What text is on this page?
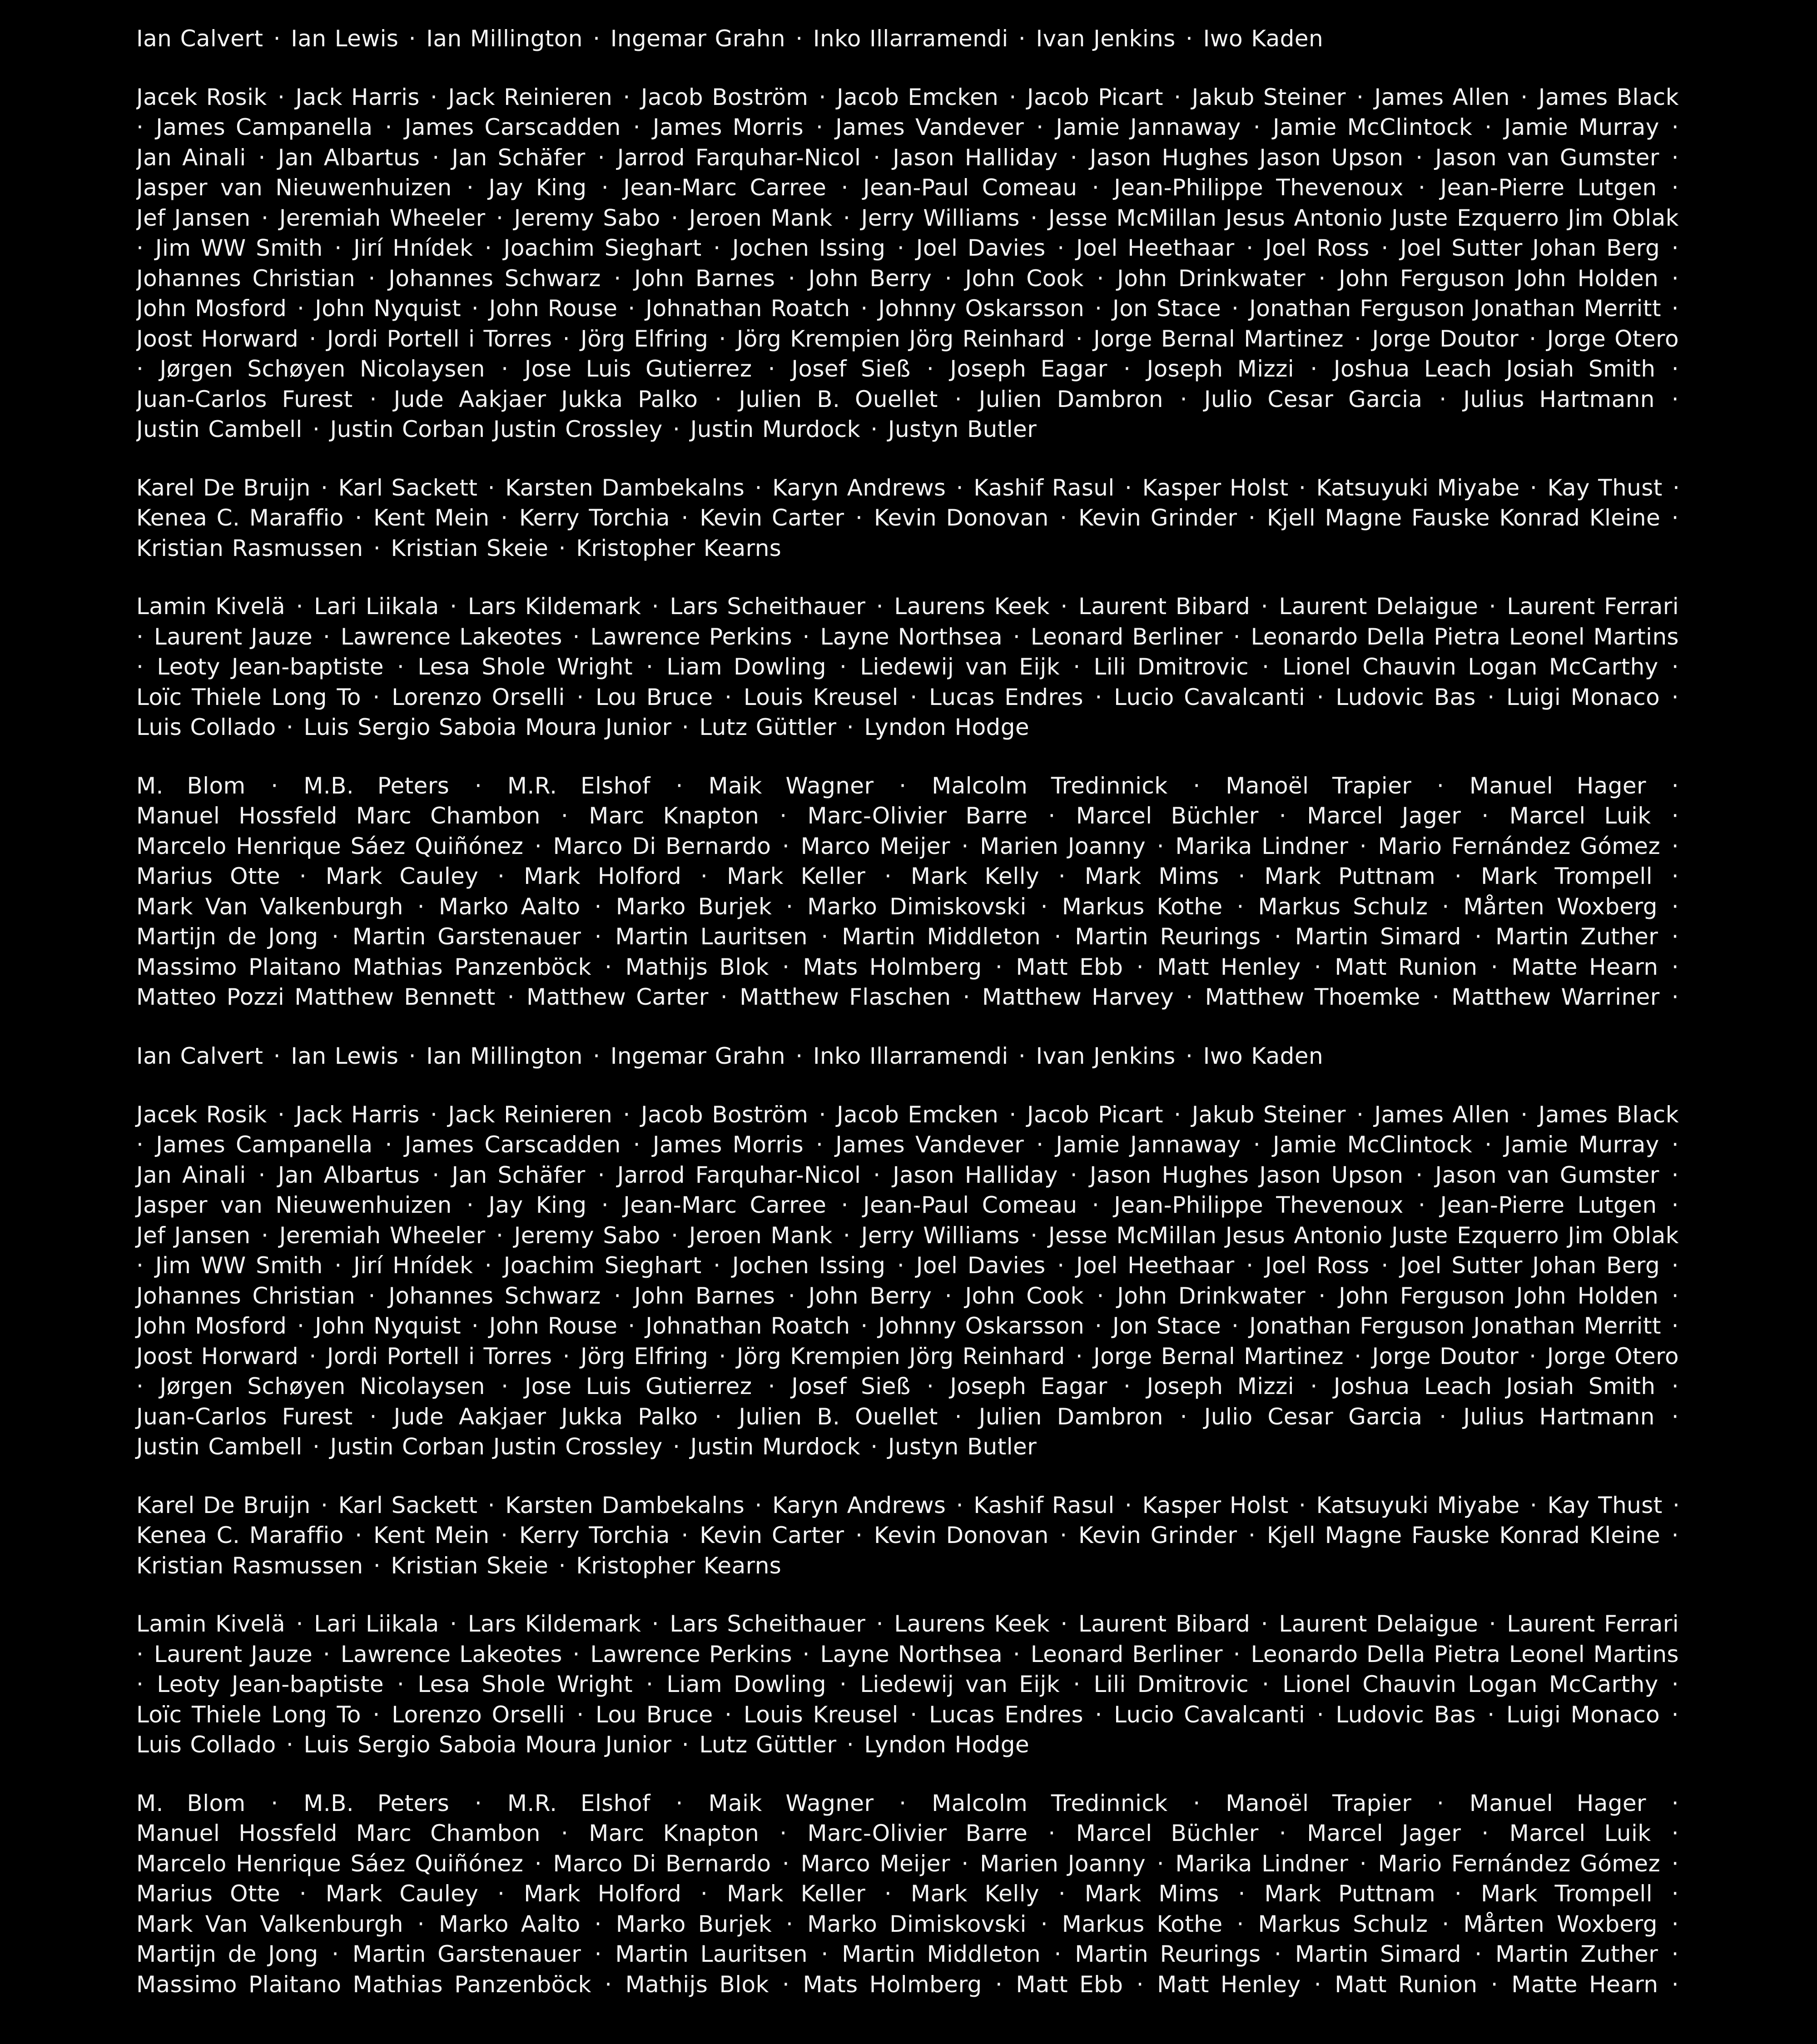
Ian Calvert · Ian Lewis · Ian Millington · Ingemar Grahn · Inko Illarramendi · Ivan Jenkins · Iwo Kaden
Jacek Rosik · Jack Harris · Jack Reinieren · Jacob Boström · Jacob Emcken · Jacob Picart · Jakub Steiner · James Allen · James Black · James Campanella · James Carscadden · James Morris · James Vandever · Jamie Jannaway · Jamie McClintock · Jamie Murray · Jan Ainali · Jan Albartus · Jan Schäfer · Jarrod Farquhar-Nicol · Jason Halliday · Jason Hughes Jason Upson · Jason van Gumster · Jasper van Nieuwenhuizen · Jay King · Jean-Marc Carree · Jean-Paul Comeau · Jean-Philippe Thevenoux · Jean-Pierre Lutgen · Jef Jansen · Jeremiah Wheeler · Jeremy Sabo · Jeroen Mank · Jerry Williams · Jesse McMillan Jesus Antonio Juste Ezquerro Jim Oblak · Jim WW Smith · Jirí Hnídek · Joachim Sieghart · Jochen Issing · Joel Davies · Joel Heethaar · Joel Ross · Joel Sutter Johan Berg · Johannes Christian · Johannes Schwarz · John Barnes · John Berry · John Cook · John Drinkwater · John Ferguson John Holden · John Mosford · John Nyquist · John Rouse · Johnathan Roatch · Johnny Oskarsson · Jon Stace · Jonathan Ferguson Jonathan Merritt · Joost Horward · Jordi Portell i Torres · Jörg Elfring · Jörg Krempien Jörg Reinhard · Jorge Bernal Martinez · Jorge Doutor · Jorge Otero · Jørgen Schøyen Nicolaysen · Jose Luis Gutierrez · Josef Sieß · Joseph Eagar · Joseph Mizzi · Joshua Leach Josiah Smith · Juan-Carlos Furest · Jude Aakjaer Jukka Palko · Julien B. Ouellet · Julien Dambron · Julio Cesar Garcia · Julius Hartmann · Justin Cambell · Justin Corban Justin Crossley · Justin Murdock · Justyn Butler
Karel De Bruijn · Karl Sackett · Karsten Dambekalns · Karyn Andrews · Kashif Rasul · Kasper Holst · Katsuyuki Miyabe · Kay Thust · Kenea C. Maraffio · Kent Mein · Kerry Torchia · Kevin Carter · Kevin Donovan · Kevin Grinder · Kjell Magne Fauske Konrad Kleine · Kristian Rasmussen · Kristian Skeie · Kristopher Kearns
Lamin Kivelä · Lari Liikala · Lars Kildemark · Lars Scheithauer · Laurens Keek · Laurent Bibard · Laurent Delaigue · Laurent Ferrari · Laurent Jauze · Lawrence Lakeotes · Lawrence Perkins · Layne Northsea · Leonard Berliner · Leonardo Della Pietra Leonel Martins · Leoty Jean-baptiste · Lesa Shole Wright · Liam Dowling · Liedewij van Eijk · Lili Dmitrovic · Lionel Chauvin Logan McCarthy · Loïc Thiele Long To · Lorenzo Orselli · Lou Bruce · Louis Kreusel · Lucas Endres · Lucio Cavalcanti · Ludovic Bas · Luigi Monaco · Luis Collado · Luis Sergio Saboia Moura Junior · Lutz Güttler · Lyndon Hodge
M. Blom · M.B. Peters · M.R. Elshof · Maik Wagner · Malcolm Tredinnick · Manoël Trapier · Manuel Hager · Manuel Hossfeld Marc Chambon · Marc Knapton · Marc-Olivier Barre · Marcel Büchler · Marcel Jager · Marcel Luik · Marcelo Henrique Sáez Quiñónez · Marco Di Bernardo · Marco Meijer · Marien Joanny · Marika Lindner · Mario Fernández Gómez · Marius Otte · Mark Cauley · Mark Holford · Mark Keller · Mark Kelly · Mark Mims · Mark Puttnam · Mark Trompell · Mark Van Valkenburgh · Marko Aalto · Marko Burjek · Marko Dimiskovski · Markus Kothe · Markus Schulz · Mårten Woxberg · Martijn de Jong · Martin Garstenauer · Martin Lauritsen · Martin Middleton · Martin Reurings · Martin Simard · Martin Zuther · Massimo Plaitano Mathias Panzenböck · Mathijs Blok · Mats Holmberg · Matt Ebb · Matt Henley · Matt Runion · Matte Hearn · Matteo Pozzi Matthew Bennett · Matthew Carter · Matthew Flaschen · Matthew Harvey · Matthew Thoemke · Matthew Warriner ·
Ian Calvert · Ian Lewis · Ian Millington · Ingemar Grahn · Inko Illarramendi · Ivan Jenkins · Iwo Kaden
Jacek Rosik · Jack Harris · Jack Reinieren · Jacob Boström · Jacob Emcken · Jacob Picart · Jakub Steiner · James Allen · James Black · James Campanella · James Carscadden · James Morris · James Vandever · Jamie Jannaway · Jamie McClintock · Jamie Murray · Jan Ainali · Jan Albartus · Jan Schäfer · Jarrod Farquhar-Nicol · Jason Halliday · Jason Hughes Jason Upson · Jason van Gumster · Jasper van Nieuwenhuizen · Jay King · Jean-Marc Carree · Jean-Paul Comeau · Jean-Philippe Thevenoux · Jean-Pierre Lutgen · Jef Jansen · Jeremiah Wheeler · Jeremy Sabo · Jeroen Mank · Jerry Williams · Jesse McMillan Jesus Antonio Juste Ezquerro Jim Oblak · Jim WW Smith · Jirí Hnídek · Joachim Sieghart · Jochen Issing · Joel Davies · Joel Heethaar · Joel Ross · Joel Sutter Johan Berg · Johannes Christian · Johannes Schwarz · John Barnes · John Berry · John Cook · John Drinkwater · John Ferguson John Holden · John Mosford · John Nyquist · John Rouse · Johnathan Roatch · Johnny Oskarsson · Jon Stace · Jonathan Ferguson Jonathan Merritt · Joost Horward · Jordi Portell i Torres · Jörg Elfring · Jörg Krempien Jörg Reinhard · Jorge Bernal Martinez · Jorge Doutor · Jorge Otero · Jørgen Schøyen Nicolaysen · Jose Luis Gutierrez · Josef Sieß · Joseph Eagar · Joseph Mizzi · Joshua Leach Josiah Smith · Juan-Carlos Furest · Jude Aakjaer Jukka Palko · Julien B. Ouellet · Julien Dambron · Julio Cesar Garcia · Julius Hartmann · Justin Cambell · Justin Corban Justin Crossley · Justin Murdock · Justyn Butler
Karel De Bruijn · Karl Sackett · Karsten Dambekalns · Karyn Andrews · Kashif Rasul · Kasper Holst · Katsuyuki Miyabe · Kay Thust · Kenea C. Maraffio · Kent Mein · Kerry Torchia · Kevin Carter · Kevin Donovan · Kevin Grinder · Kjell Magne Fauske Konrad Kleine · Kristian Rasmussen · Kristian Skeie · Kristopher Kearns
Lamin Kivelä · Lari Liikala · Lars Kildemark · Lars Scheithauer · Laurens Keek · Laurent Bibard · Laurent Delaigue · Laurent Ferrari · Laurent Jauze · Lawrence Lakeotes · Lawrence Perkins · Layne Northsea · Leonard Berliner · Leonardo Della Pietra Leonel Martins · Leoty Jean-baptiste · Lesa Shole Wright · Liam Dowling · Liedewij van Eijk · Lili Dmitrovic · Lionel Chauvin Logan McCarthy · Loïc Thiele Long To · Lorenzo Orselli · Lou Bruce · Louis Kreusel · Lucas Endres · Lucio Cavalcanti · Ludovic Bas · Luigi Monaco · Luis Collado · Luis Sergio Saboia Moura Junior · Lutz Güttler · Lyndon Hodge
M. Blom · M.B. Peters · M.R. Elshof · Maik Wagner · Malcolm Tredinnick · Manoël Trapier · Manuel Hager · Manuel Hossfeld Marc Chambon · Marc Knapton · Marc-Olivier Barre · Marcel Büchler · Marcel Jager · Marcel Luik · Marcelo Henrique Sáez Quiñónez · Marco Di Bernardo · Marco Meijer · Marien Joanny · Marika Lindner · Mario Fernández Gómez · Marius Otte · Mark Cauley · Mark Holford · Mark Keller · Mark Kelly · Mark Mims · Mark Puttnam · Mark Trompell · Mark Van Valkenburgh · Marko Aalto · Marko Burjek · Marko Dimiskovski · Markus Kothe · Markus Schulz · Mårten Woxberg · Martijn de Jong · Martin Garstenauer · Martin Lauritsen · Martin Middleton · Martin Reurings · Martin Simard · Martin Zuther · Massimo Plaitano Mathias Panzenböck · Mathijs Blok · Mats Holmberg · Matt Ebb · Matt Henley · Matt Runion · Matte Hearn ·
